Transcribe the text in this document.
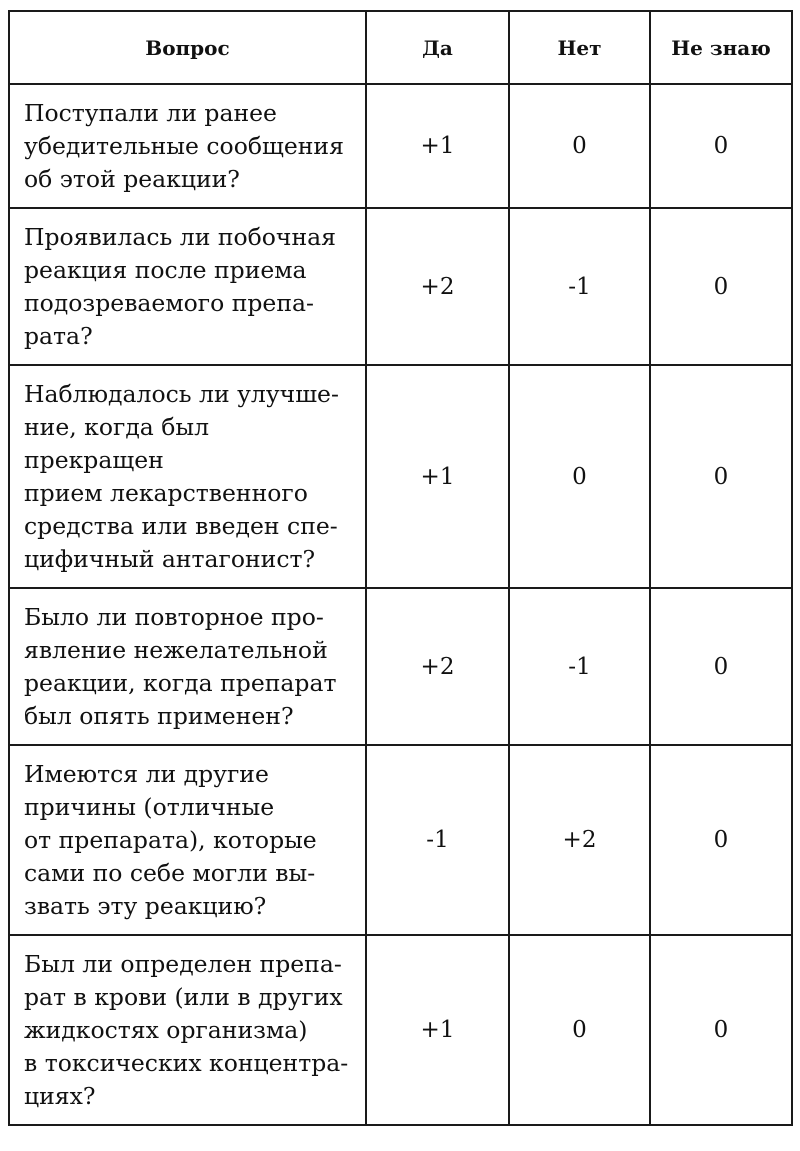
Вопрос	Да	Нет	Не знаю
Поступали ли ранее
убедительные сообщения
об этой реакции?	+1	0	0
Проявилась ли побочная
реакция после приема
подозреваемого препа-
рата?	+2	-1	0
Наблюдалось ли улучше-
ние, когда был прекращен
прием лекарственного
средства или введен спе-
цифичный антагонист?	+1	0	0
Было ли повторное про-
явление нежелательной
реакции, когда препарат
был опять применен?	+2	-1	0
Имеются ли другие
причины (отличные
от препарата), которые
сами по себе могли вы-
звать эту реакцию?	-1	+2	0
Был ли определен препа-
рат в крови (или в других
жидкостях организма)
в токсических концентра-
циях?	+1	0	0
